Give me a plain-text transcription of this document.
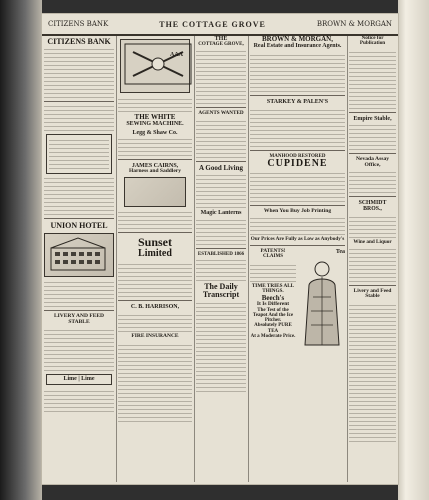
CITIZENS BANK	THE COTTAGE GROVE	BROWN & MORGAN
CITIZENS BANK
UNION HOTEL
LIVERY AND FEED STABLE
Lime | Lime
AAA
THE WHITE
SEWING MACHINE.
Legg & Shaw Co.
JAMES CAIRNS,
Harness and Saddlery
Sunset
Limited
C. B. HARRISON,
FIRE INSURANCE
THE
COTTAGE GROVE,
AGENTS WANTED
A Good Living
Magic Lanterns
ESTABLISHED 1866
The Daily Transcript
BROWN & MORGAN,
Real Estate and Insurance Agents.
STARKEY & PALEN'S
MANHOOD RESTORED
CUPIDENE
When You Buy Job Printing
Our Prices Are Fully as Low as Anybody's
PATENTS!
CLAIMS
TIME TRIES ALL THINGS.
Beech's
It Is Different
The Test of the Teapot And the Ice Pitcher.
Absolutely PURE TEA
At a Moderate Price.
Tea
Notice for Publication
Empire Stable,
Nevada Assay Office,
SCHMIDT BROS.,
Wine and Liquor
Livery and Feed Stable
